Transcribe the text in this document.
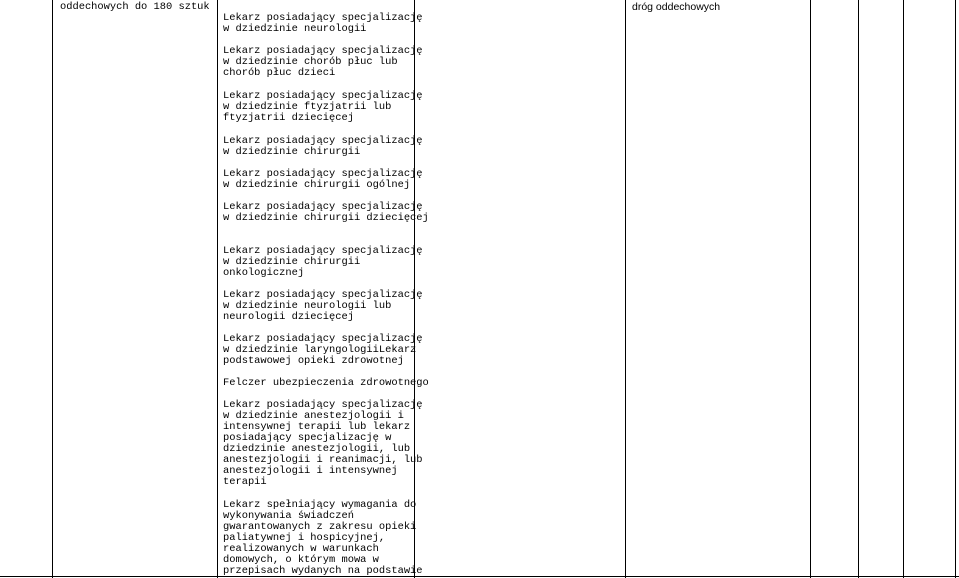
oddechowych do 180 sztuk
Lekarz posiadający specjalizację
w dziedzinie neurologii
Lekarz posiadający specjalizację
w dziedzinie chorób płuc lub
chorób płuc dzieci
Lekarz posiadający specjalizację
w dziedzinie ftyzjatrii lub
ftyzjatrii dziecięcej
Lekarz posiadający specjalizację
w dziedzinie chirurgii
Lekarz posiadający specjalizację
w dziedzinie chirurgii ogólnej
Lekarz posiadający specjalizację
w dziedzinie chirurgii dziecięcej
Lekarz posiadający specjalizację
w dziedzinie chirurgii
onkologicznej
Lekarz posiadający specjalizację
w dziedzinie neurologii lub
neurologii dziecięcej
Lekarz posiadający specjalizację
w dziedzinie laryngologiiLekarz
podstawowej opieki zdrowotnej
Felczer ubezpieczenia zdrowotnego
Lekarz posiadający specjalizację
w dziedzinie anestezjologii i
intensywnej terapii lub lekarz
posiadający specjalizację w
dziedzinie anestezjologii, lub
anestezjologii i reanimacji, lub
anestezjologii i intensywnej
terapii
Lekarz spełniający wymagania do
wykonywania świadczeń
gwarantowanych z zakresu opieki
paliatywnej i hospicyjnej,
realizowanych w warunkach
domowych, o którym mowa w
przepisach wydanych na podstawie
dróg oddechowych
